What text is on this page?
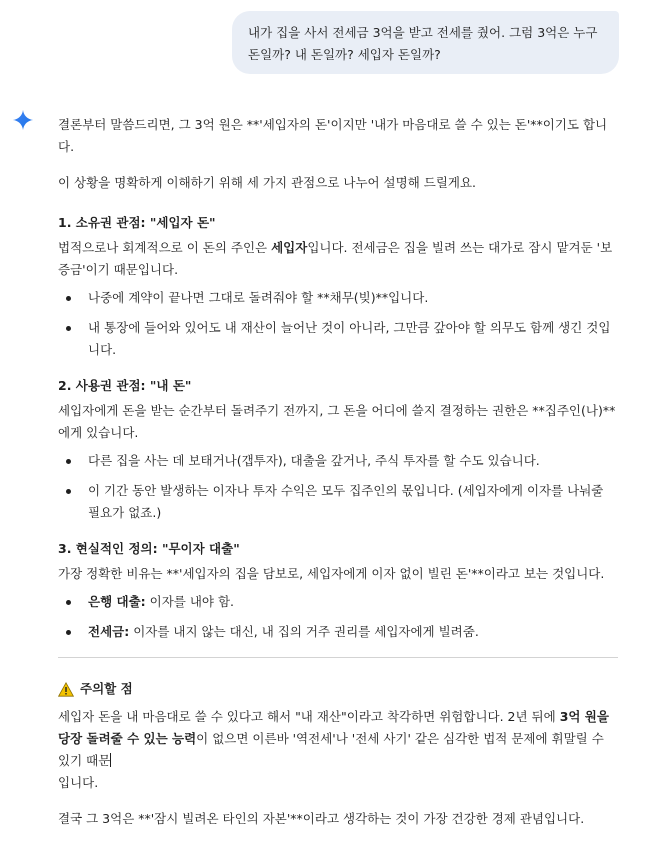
내가 집을 사서 전세금 3억을 받고 전세를 줬어. 그럼 3억은 누구 돈일까? 내 돈일까? 세입자 돈일까?
결론부터 말씀드리면, 그 3억 원은 **'세입자의 돈'이지만 '내가 마음대로 쓸 수 있는 돈'**이기도 합니다.
이 상황을 명확하게 이해하기 위해 세 가지 관점으로 나누어 설명해 드릴게요.
1. 소유권 관점: "세입자 돈"
법적으로나 회계적으로 이 돈의 주인은 세입자입니다. 전세금은 집을 빌려 쓰는 대가로 잠시 맡겨둔 '보증금'이기 때문입니다.
나중에 계약이 끝나면 그대로 돌려줘야 할 **채무(빚)**입니다.
내 통장에 들어와 있어도 내 재산이 늘어난 것이 아니라, 그만큼 갚아야 할 의무도 함께 생긴 것입니다.
2. 사용권 관점: "내 돈"
세입자에게 돈을 받는 순간부터 돌려주기 전까지, 그 돈을 어디에 쓸지 결정하는 권한은 **집주인(나)**에게 있습니다.
다른 집을 사는 데 보태거나(갭투자), 대출을 갚거나, 주식 투자를 할 수도 있습니다.
이 기간 동안 발생하는 이자나 투자 수익은 모두 집주인의 몫입니다. (세입자에게 이자를 나눠줄 필요가 없죠.)
3. 현실적인 정의: "무이자 대출"
가장 정확한 비유는 **'세입자의 집을 담보로, 세입자에게 이자 없이 빌린 돈'**이라고 보는 것입니다.
은행 대출: 이자를 내야 함.
전세금: 이자를 내지 않는 대신, 내 집의 거주 권리를 세입자에게 빌려줌.
주의할 점
세입자 돈을 내 마음대로 쓸 수 있다고 해서 "내 재산"이라고 착각하면 위험합니다. 2년 뒤에 3억 원을 당장 돌려줄 수 있는 능력이 없으면 이른바 '역전세'나 '전세 사기' 같은 심각한 법적 문제에 휘말릴 수 있기 때문
입니다.
결국 그 3억은 **'잠시 빌려온 타인의 자본'**이라고 생각하는 것이 가장 건강한 경제 관념입니다.
